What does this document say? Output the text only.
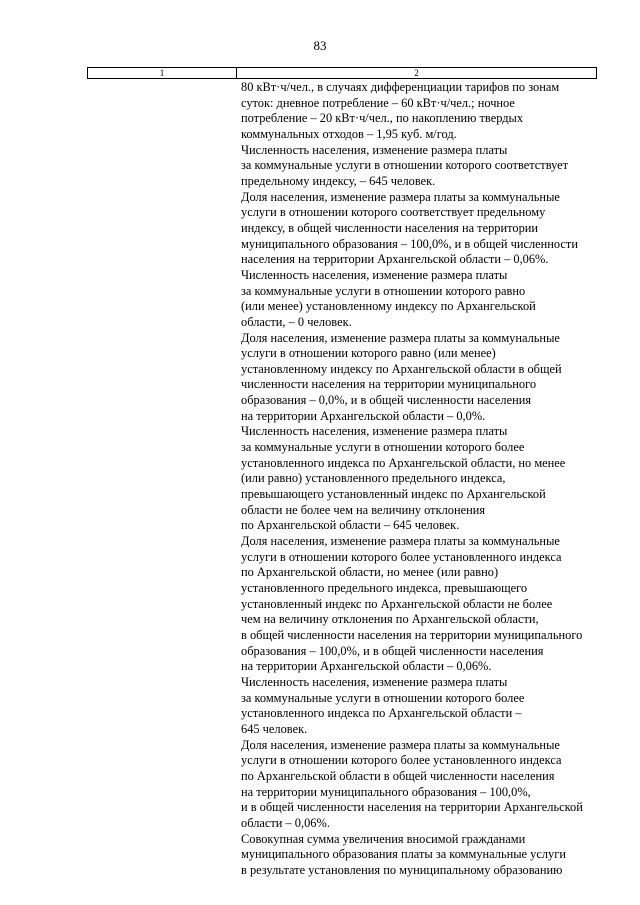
83
1	2
80 кВт·ч/чел., в случаях дифференциации тарифов по зонам
суток: дневное потребление – 60 кВт·ч/чел.; ночное
потребление – 20 кВт·ч/чел., по накоплению твердых
коммунальных отходов – 1,95 куб. м/год.
Численность населения, изменение размера платы
за коммунальные услуги в отношении которого соответствует
предельному индексу, – 645 человек.
Доля населения, изменение размера платы за коммунальные
услуги в отношении которого соответствует предельному
индексу, в общей численности населения на территории
муниципального образования – 100,0%, и в общей численности
населения на территории Архангельской области – 0,06%.
Численность населения, изменение размера платы
за коммунальные услуги в отношении которого равно
(или менее) установленному индексу по Архангельской
области, – 0 человек.
Доля населения, изменение размера платы за коммунальные
услуги в отношении которого равно (или менее)
установленному индексу по Архангельской области в общей
численности населения на территории муниципального
образования – 0,0%, и в общей численности населения
на территории Архангельской области – 0,0%.
Численность населения, изменение размера платы
за коммунальные услуги в отношении которого более
установленного индекса по Архангельской области, но менее
(или равно) установленного предельного индекса,
превышающего установленный индекс по Архангельской
области не более чем на величину отклонения
по Архангельской области – 645 человек.
Доля населения, изменение размера платы за коммунальные
услуги в отношении которого более установленного индекса
по Архангельской области, но менее (или равно)
установленного предельного индекса, превышающего
установленный индекс по Архангельской области не более
чем на величину отклонения по Архангельской области,
в общей численности населения на территории муниципального
образования – 100,0%, и в общей численности населения
на территории Архангельской области – 0,06%.
Численность населения, изменение размера платы
за коммунальные услуги в отношении которого более
установленного индекса по Архангельской области –
645 человек.
Доля населения, изменение размера платы за коммунальные
услуги в отношении которого более установленного индекса
по Архангельской области в общей численности населения
на территории муниципального образования – 100,0%,
и в общей численности населения на территории Архангельской
области – 0,06%.
Совокупная сумма увеличения вносимой гражданами
муниципального образования платы за коммунальные услуги
в результате установления по муниципальному образованию
